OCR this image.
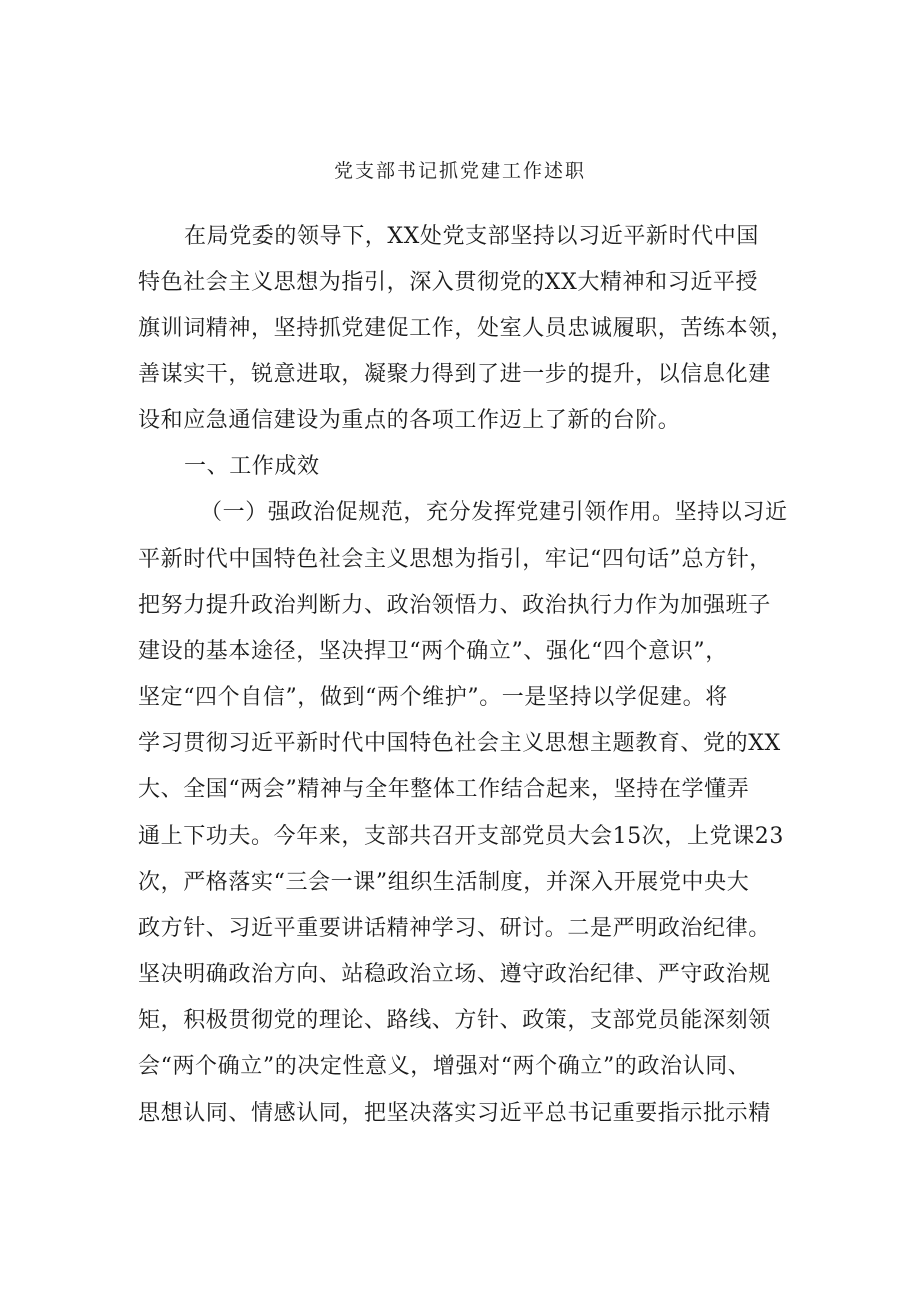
党支部书记抓党建工作述职

在局党委的领导下，XX处党支部坚持以习近平新时代中国

特色社会主义思想为指引，深入贯彻党的XX大精神和习近平授

旗训词精神，坚持抓党建促工作，处室人员忠诚履职，苦练本领，

善谋实干，锐意进取，凝聚力得到了进一步的提升，以信息化建

设和应急通信建设为重点的各项工作迈上了新的台阶。

一、工作成效

（一）强政治促规范，充分发挥党建引领作用。坚持以习近

平新时代中国特色社会主义思想为指引，牢记“四句话”总方针，

把努力提升政治判断力、政治领悟力、政治执行力作为加强班子

建设的基本途径，坚决捍卫“两个确立”、强化“四个意识”，

坚定“四个自信”，做到“两个维护”。一是坚持以学促建。将

学习贯彻习近平新时代中国特色社会主义思想主题教育、党的XX

大、全国“两会”精神与全年整体工作结合起来，坚持在学懂弄

通上下功夫。今年来，支部共召开支部党员大会15次，上党课23

次，严格落实“三会一课”组织生活制度，并深入开展党中央大

政方针、习近平重要讲话精神学习、研讨。二是严明政治纪律。

坚决明确政治方向、站稳政治立场、遵守政治纪律、严守政治规

矩，积极贯彻党的理论、路线、方针、政策，支部党员能深刻领

会“两个确立”的决定性意义，增强对“两个确立”的政治认同、

思想认同、情感认同，把坚决落实习近平总书记重要指示批示精
